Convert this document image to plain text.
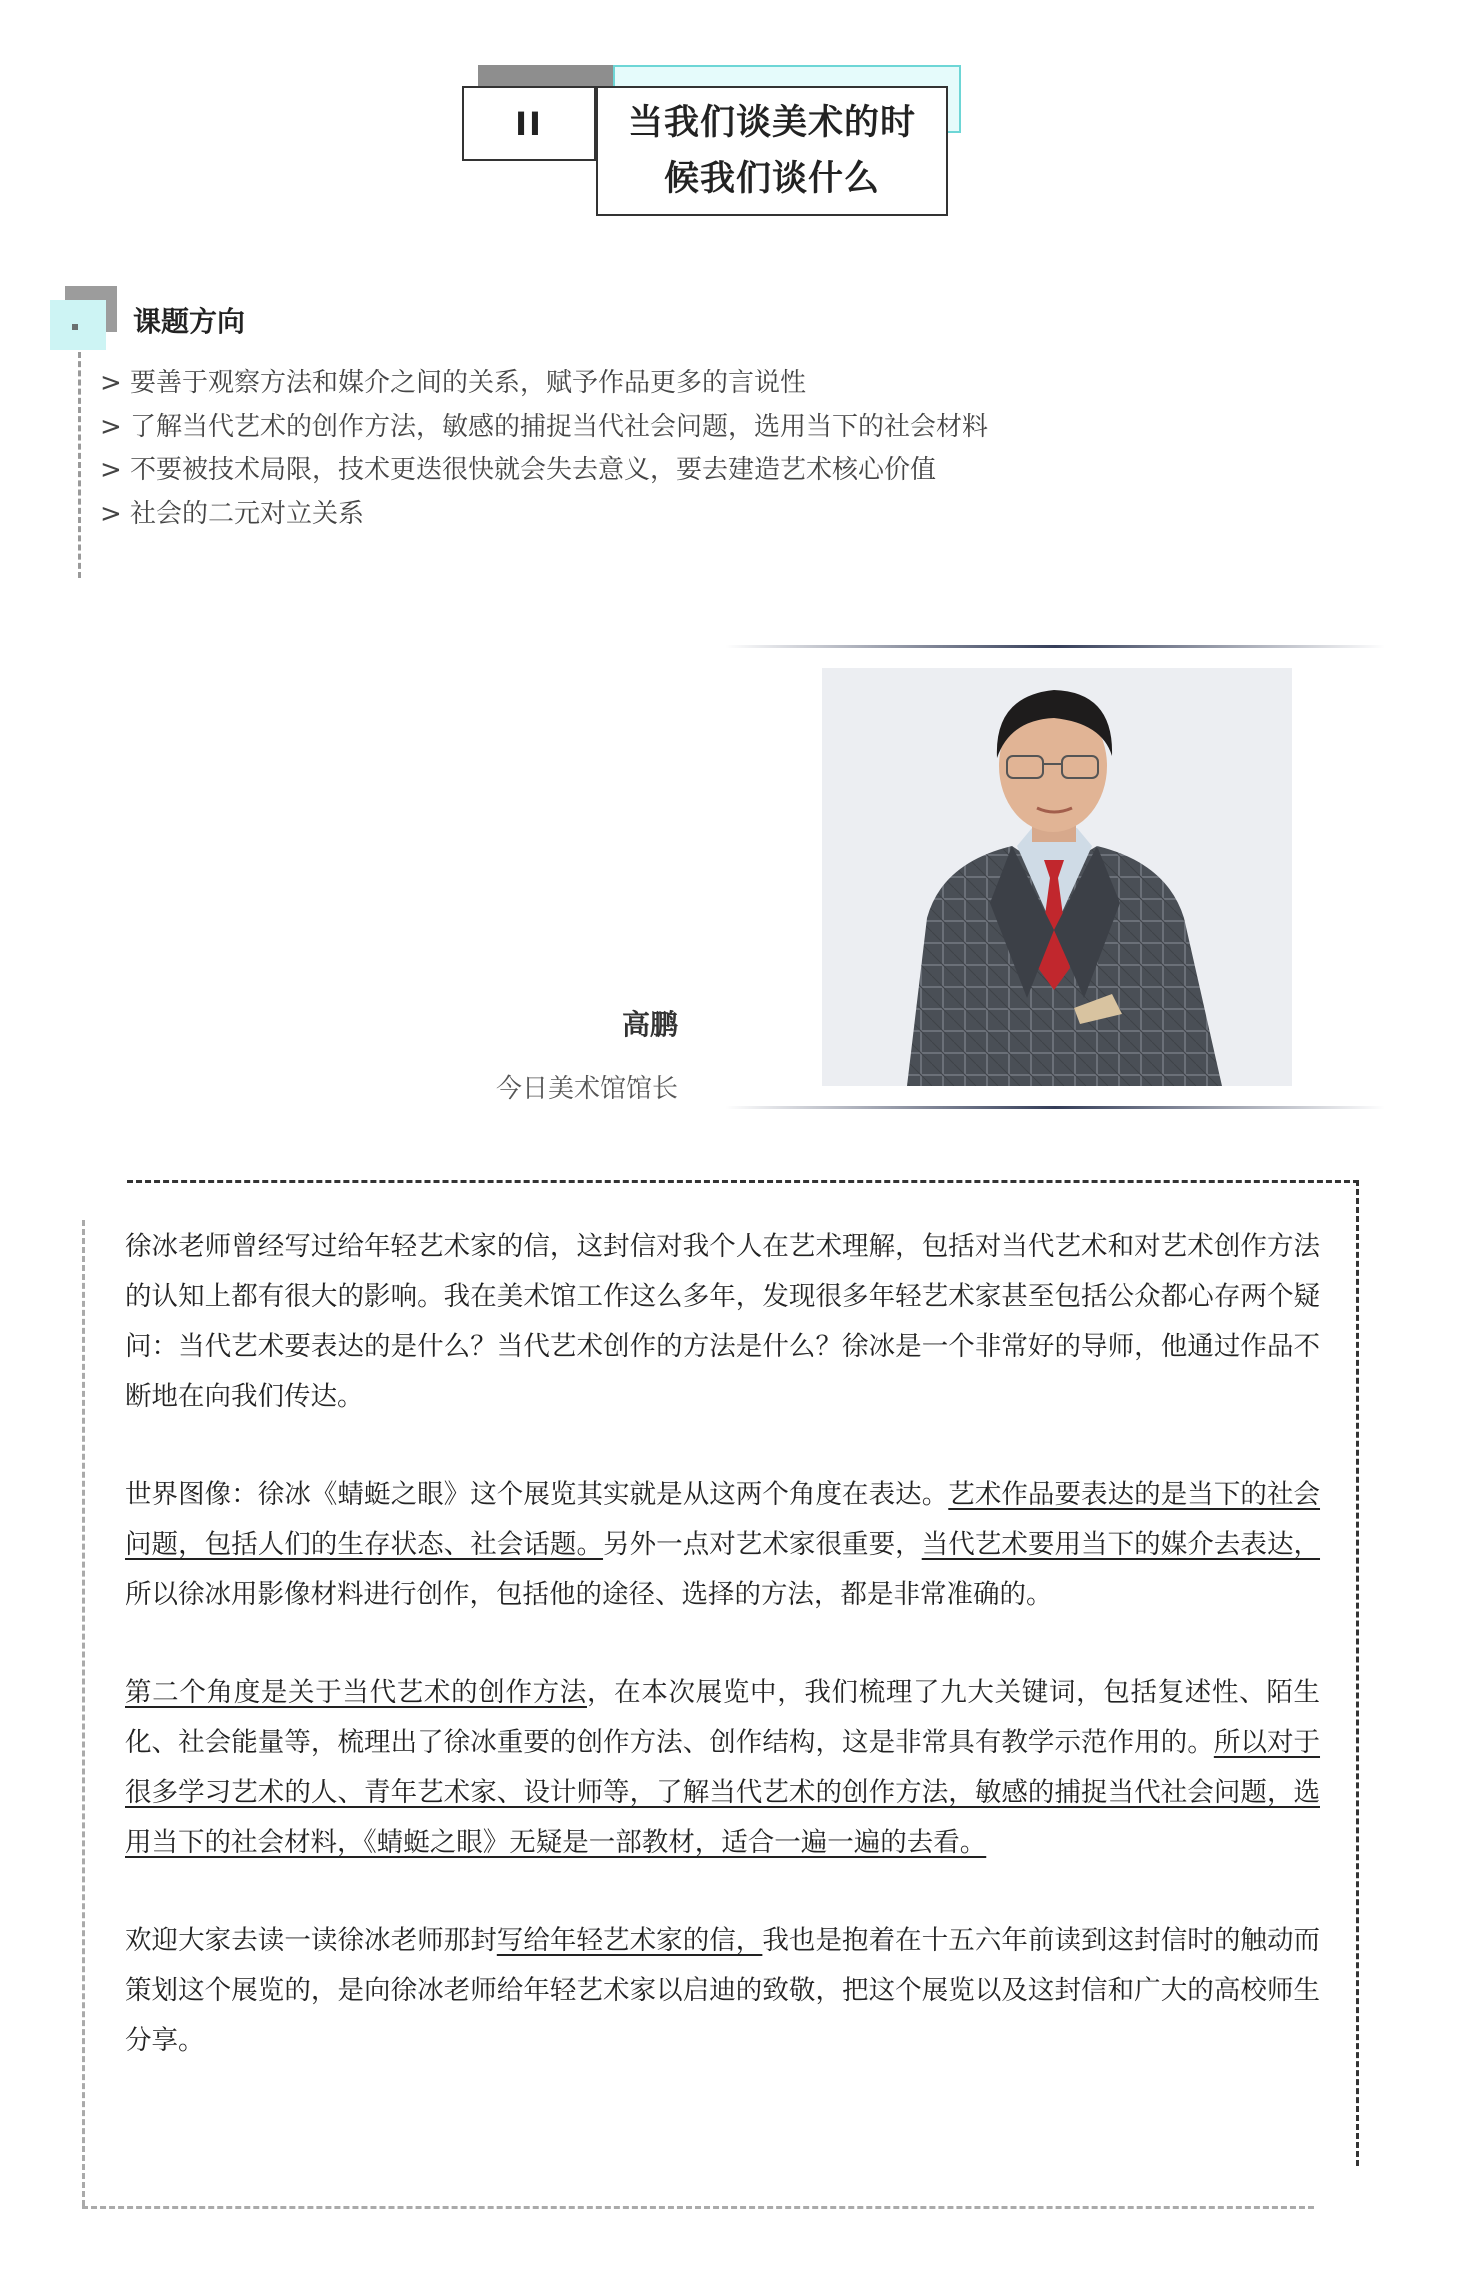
II	当我们谈美术的时候我们谈什么
课题方向
> 要善于观察方法和媒介之间的关系，赋予作品更多的言说性
> 了解当代艺术的创作方法，敏感的捕捉当代社会问题，选用当下的社会材料
> 不要被技术局限，技术更迭很快就会失去意义，要去建造艺术核心价值
> 社会的二元对立关系
高鹏
今日美术馆馆长

徐冰老师曾经写过给年轻艺术家的信，这封信对我个人在艺术理解，包括对当代艺术和对艺术创作方法的认知上都有很大的影响。我在美术馆工作这么多年，发现很多年轻艺术家甚至包括公众都心存两个疑问：当代艺术要表达的是什么？当代艺术创作的方法是什么？徐冰是一个非常好的导师，他通过作品不断地在向我们传达。

世界图像：徐冰《蜻蜓之眼》这个展览其实就是从这两个角度在表达。艺术作品要表达的是当下的社会问题，包括人们的生存状态、社会话题。另外一点对艺术家很重要，当代艺术要用当下的媒介去表达，所以徐冰用影像材料进行创作，包括他的途径、选择的方法，都是非常准确的。

第二个角度是关于当代艺术的创作方法，在本次展览中，我们梳理了九大关键词，包括复述性、陌生化、社会能量等，梳理出了徐冰重要的创作方法、创作结构，这是非常具有教学示范作用的。所以对于很多学习艺术的人、青年艺术家、设计师等，了解当代艺术的创作方法，敏感的捕捉当代社会问题，选用当下的社会材料，《蜻蜓之眼》无疑是一部教材，适合一遍一遍的去看。

欢迎大家去读一读徐冰老师那封写给年轻艺术家的信，我也是抱着在十五六年前读到这封信时的触动而策划这个展览的，是向徐冰老师给年轻艺术家以启迪的致敬，把这个展览以及这封信和广大的高校师生分享。
